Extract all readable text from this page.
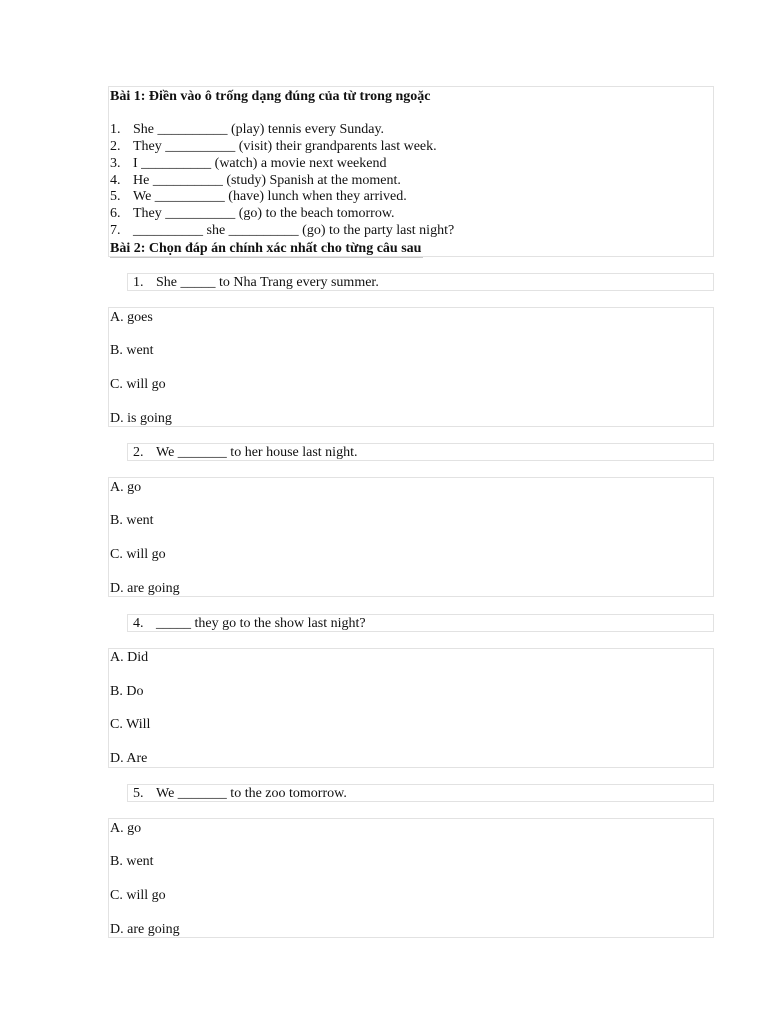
Bài 1: Điền vào ô trống dạng đúng của từ trong ngoặc
1. She __________ (play) tennis every Sunday.
2. They __________ (visit) their grandparents last week.
3. I __________ (watch) a movie next weekend
4. He __________ (study) Spanish at the moment.
5. We __________ (have) lunch when they arrived.
6. They __________ (go) to the beach tomorrow.
7. __________ she __________ (go) to the party last night?
Bài 2: Chọn đáp án chính xác nhất cho từng câu sau
1. She _____ to Nha Trang every summer.
A. goes
B. went
C. will go
D. is going
2. We _______ to her house last night.
A. go
B. went
C. will go
D. are going
4. _____ they go to the show last night?
A. Did
B. Do
C. Will
D. Are
5. We _______ to the zoo tomorrow.
A. go
B. went
C. will go
D. are going
